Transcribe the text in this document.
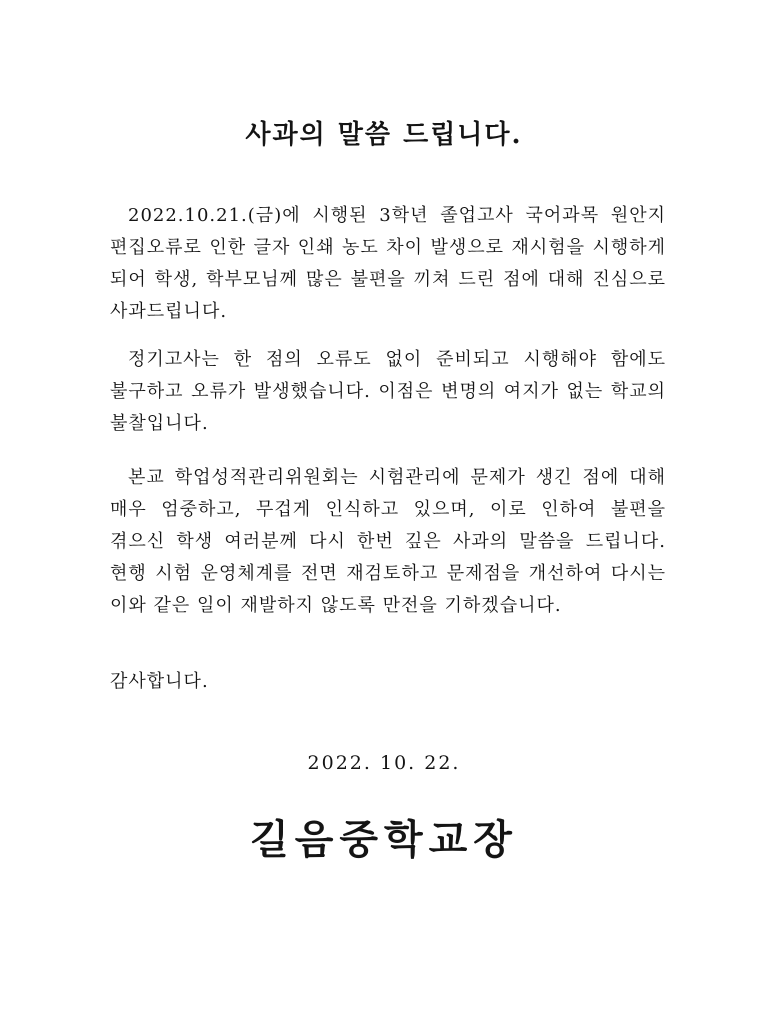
사과의 말씀 드립니다.

2022.10.21.(금)에 시행된 3학년 졸업고사 국어과목 원안지 편집오류로 인한 글자 인쇄 농도 차이 발생으로 재시험을 시행하게 되어 학생, 학부모님께 많은 불편을 끼쳐 드린 점에 대해 진심으로 사과드립니다.

정기고사는 한 점의 오류도 없이 준비되고 시행해야 함에도 불구하고 오류가 발생했습니다. 이점은 변명의 여지가 없는 학교의 불찰입니다.

본교 학업성적관리위원회는 시험관리에 문제가 생긴 점에 대해 매우 엄중하고, 무겁게 인식하고 있으며, 이로 인하여 불편을 겪으신 학생 여러분께 다시 한번 깊은 사과의 말씀을 드립니다. 현행 시험 운영체계를 전면 재검토하고 문제점을 개선하여 다시는 이와 같은 일이 재발하지 않도록 만전을 기하겠습니다.

감사합니다.

2022. 10. 22.

길음중학교장
